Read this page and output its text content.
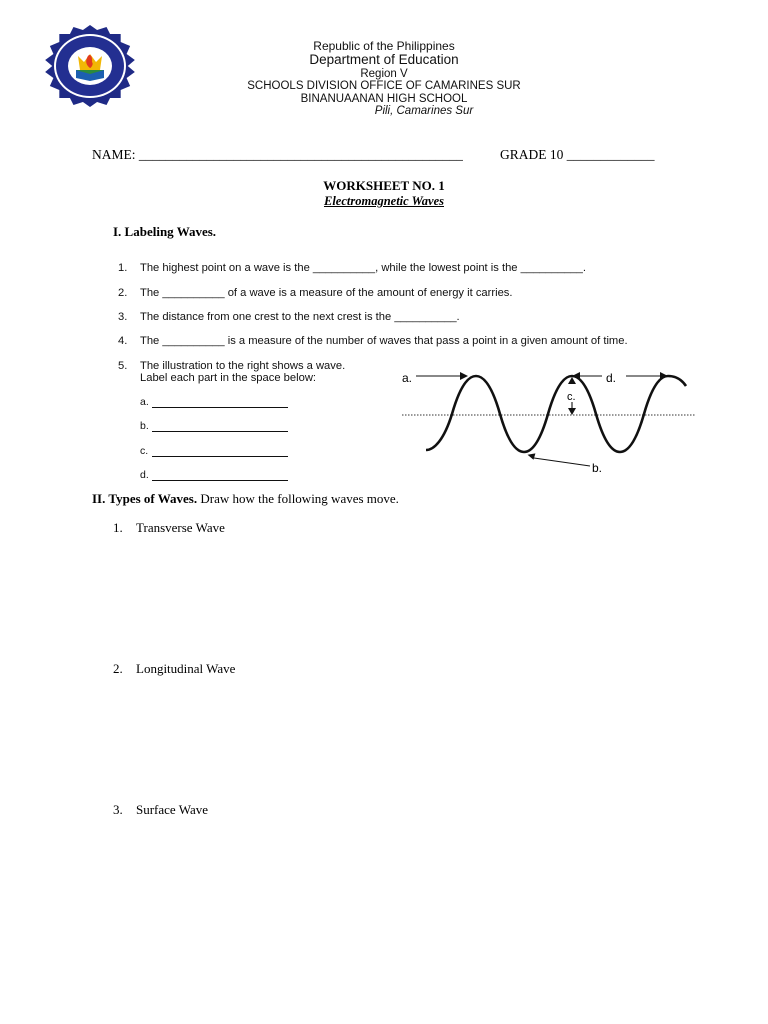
Republic of the Philippines
Department of Education
Region V
SCHOOLS DIVISION OFFICE OF CAMARINES SUR
BINANUAANAN HIGH SCHOOL
Pili, Camarines Sur
NAME: ________________________________________________	GRADE 10 _____________
WORKSHEET NO. 1
Electromagnetic Waves
I. Labeling Waves.
1. The highest point on a wave is the __________, while the lowest point is the __________.
2. The __________ of a wave is a measure of the amount of energy it carries.
3. The distance from one crest to the next crest is the __________.
4. The __________ is a measure of the number of waves that pass a point in a given amount of time.
5. The illustration to the right shows a wave.
Label each part in the space below:
a.
b.
c.
d.
a.	d.
c.
b.
II. Types of Waves. Draw how the following waves move.
1. Transverse Wave
2. Longitudinal Wave
3. Surface Wave
